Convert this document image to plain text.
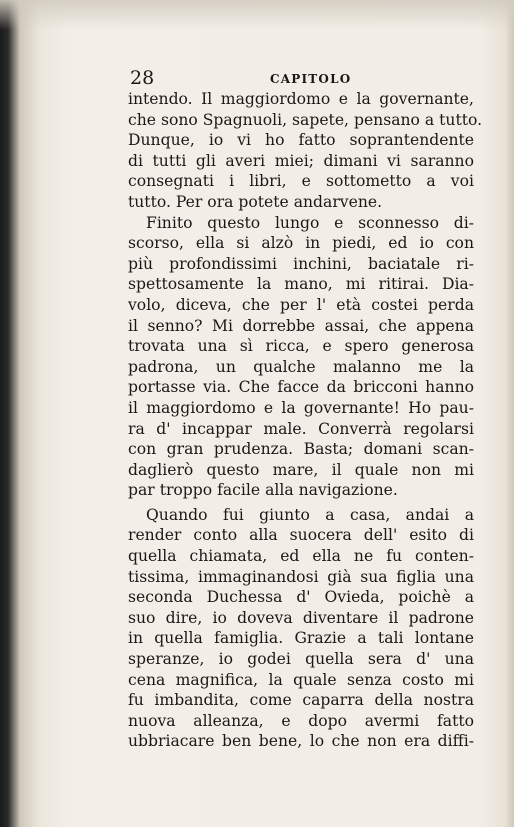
28	CAPITOLO
intendo. Il maggiordomo e la governante,
che sono Spagnuoli, sapete, pensano a tutto.
Dunque, io vi ho fatto soprantendente
di tutti gli averi miei; dimani vi saranno
consegnati i libri, e sottometto a voi
tutto. Per ora potete andarvene.
Finito questo lungo e sconnesso di-
scorso, ella si alzò in piedi, ed io con
più profondissimi inchini, baciatale ri-
spettosamente la mano, mi ritirai. Dia-
volo, diceva, che per l' età costei perda
il senno? Mi dorrebbe assai, che appena
trovata una sì ricca, e spero generosa
padrona, un qualche malanno me la
portasse via. Che facce da bricconi hanno
il maggiordomo e la governante! Ho pau-
ra d' incappar male. Converrà regolarsi
con gran prudenza. Basta; domani scan-
daglierò questo mare, il quale non mi
par troppo facile alla navigazione.
Quando fui giunto a casa, andai a
render conto alla suocera dell' esito di
quella chiamata, ed ella ne fu conten-
tissima, immaginandosi già sua figlia una
seconda Duchessa d' Ovieda, poichè a
suo dire, io doveva diventare il padrone
in quella famiglia. Grazie a tali lontane
speranze, io godei quella sera d' una
cena magnifica, la quale senza costo mi
fu imbandita, come caparra della nostra
nuova alleanza, e dopo avermi fatto
ubbriacare ben bene, lo che non era diffi-
